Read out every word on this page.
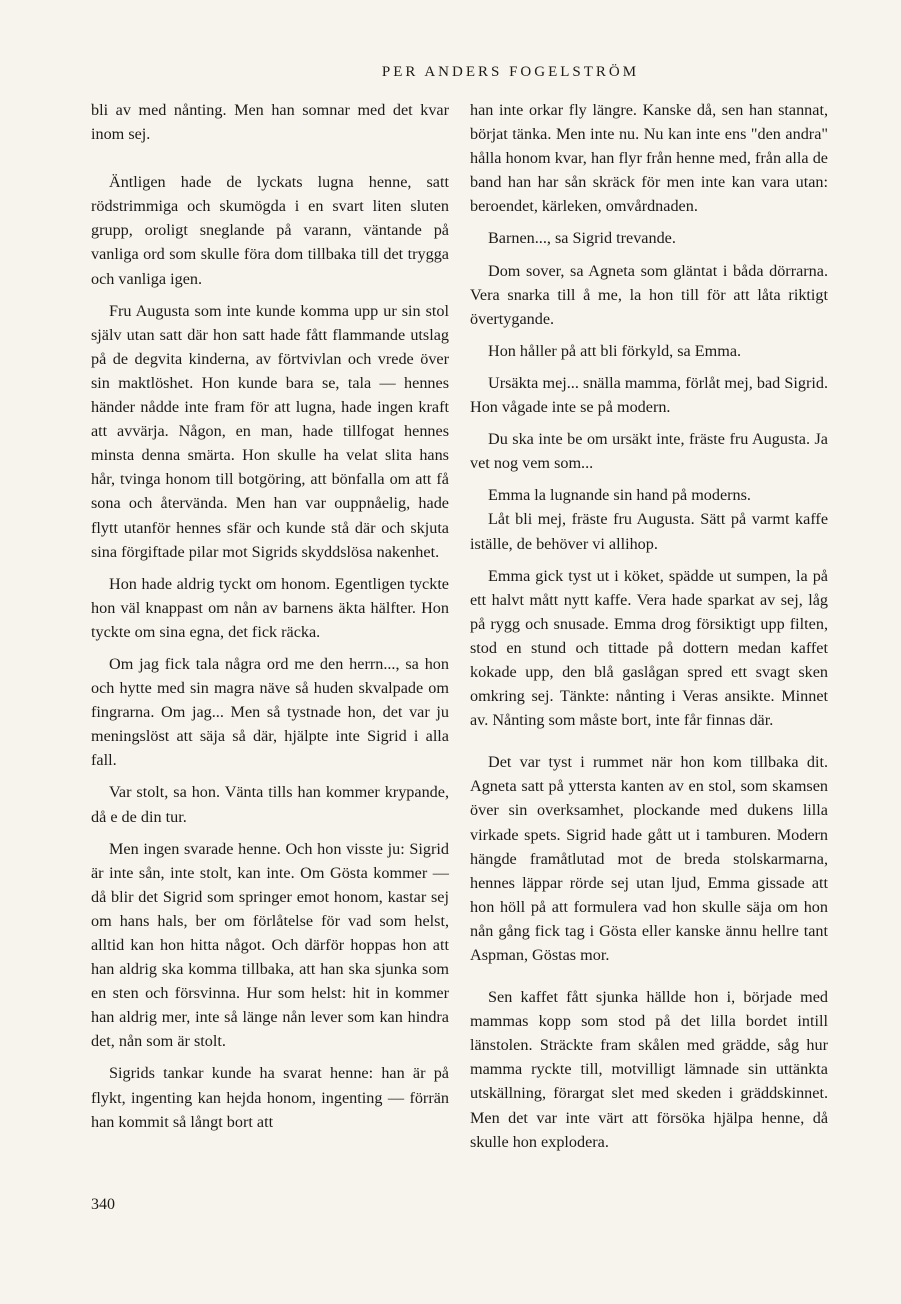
PER ANDERS FOGELSTRÖM

bli av med nånting. Men han somnar med det kvar inom sej.

Äntligen hade de lyckats lugna henne, satt rödstrimmiga och skumögda i en svart liten sluten grupp, oroligt sneglande på varann, väntande på vanliga ord som skulle föra dom tillbaka till det trygga och vanliga igen.

Fru Augusta som inte kunde komma upp ur sin stol själv utan satt där hon satt hade fått flammande utslag på de degvita kinderna, av förtvivlan och vrede över sin maktlöshet. Hon kunde bara se, tala — hennes händer nådde inte fram för att lugna, hade ingen kraft att avvärja. Någon, en man, hade tillfogat hennes minsta denna smärta. Hon skulle ha velat slita hans hår, tvinga honom till botgöring, att bönfalla om att få sona och återvända. Men han var ouppnåelig, hade flytt utanför hennes sfär och kunde stå där och skjuta sina förgiftade pilar mot Sigrids skyddslösa nakenhet.

Hon hade aldrig tyckt om honom. Egentligen tyckte hon väl knappast om nån av barnens äkta hälfter. Hon tyckte om sina egna, det fick räcka.

Om jag fick tala några ord me den herrn..., sa hon och hytte med sin magra näve så huden skvalpade om fingrarna. Om jag... Men så tystnade hon, det var ju meningslöst att säja så där, hjälpte inte Sigrid i alla fall.

Var stolt, sa hon. Vänta tills han kommer krypande, då e de din tur.

Men ingen svarade henne. Och hon visste ju: Sigrid är inte sån, inte stolt, kan inte. Om Gösta kommer — då blir det Sigrid som springer emot honom, kastar sej om hans hals, ber om förlåtelse för vad som helst, alltid kan hon hitta något. Och därför hoppas hon att han aldrig ska komma tillbaka, att han ska sjunka som en sten och försvinna. Hur som helst: hit in kommer han aldrig mer, inte så länge nån lever som kan hindra det, nån som är stolt.

Sigrids tankar kunde ha svarat henne: han är på flykt, ingenting kan hejda honom, ingenting — förrän han kommit så långt bort att

han inte orkar fly längre. Kanske då, sen han stannat, börjat tänka. Men inte nu. Nu kan inte ens "den andra" hålla honom kvar, han flyr från henne med, från alla de band han har sån skräck för men inte kan vara utan: beroendet, kärleken, omvårdnaden.

Barnen..., sa Sigrid trevande.

Dom sover, sa Agneta som gläntat i båda dörrarna. Vera snarka till å me, la hon till för att låta riktigt övertygande.

Hon håller på att bli förkyld, sa Emma.

Ursäkta mej... snälla mamma, förlåt mej, bad Sigrid. Hon vågade inte se på modern.

Du ska inte be om ursäkt inte, fräste fru Augusta. Ja vet nog vem som...

Emma la lugnande sin hand på moderns.

Låt bli mej, fräste fru Augusta. Sätt på varmt kaffe iställe, de behöver vi allihop.

Emma gick tyst ut i köket, spädde ut sumpen, la på ett halvt mått nytt kaffe. Vera hade sparkat av sej, låg på rygg och snusade. Emma drog försiktigt upp filten, stod en stund och tittade på dottern medan kaffet kokade upp, den blå gaslågan spred ett svagt sken omkring sej. Tänkte: nånting i Veras ansikte. Minnet av. Nånting som måste bort, inte får finnas där.

Det var tyst i rummet när hon kom tillbaka dit. Agneta satt på yttersta kanten av en stol, som skamsen över sin overksamhet, plockande med dukens lilla virkade spets. Sigrid hade gått ut i tamburen. Modern hängde framåtlutad mot de breda stolskarmarna, hennes läppar rörde sej utan ljud, Emma gissade att hon höll på att formulera vad hon skulle säja om hon nån gång fick tag i Gösta eller kanske ännu hellre tant Aspman, Göstas mor.

Sen kaffet fått sjunka hällde hon i, började med mammas kopp som stod på det lilla bordet intill länstolen. Sträckte fram skålen med grädde, såg hur mamma ryckte till, motvilligt lämnade sin uttänkta utskällning, förargat slet med skeden i gräddskinnet. Men det var inte värt att försöka hjälpa henne, då skulle hon explodera.

340
